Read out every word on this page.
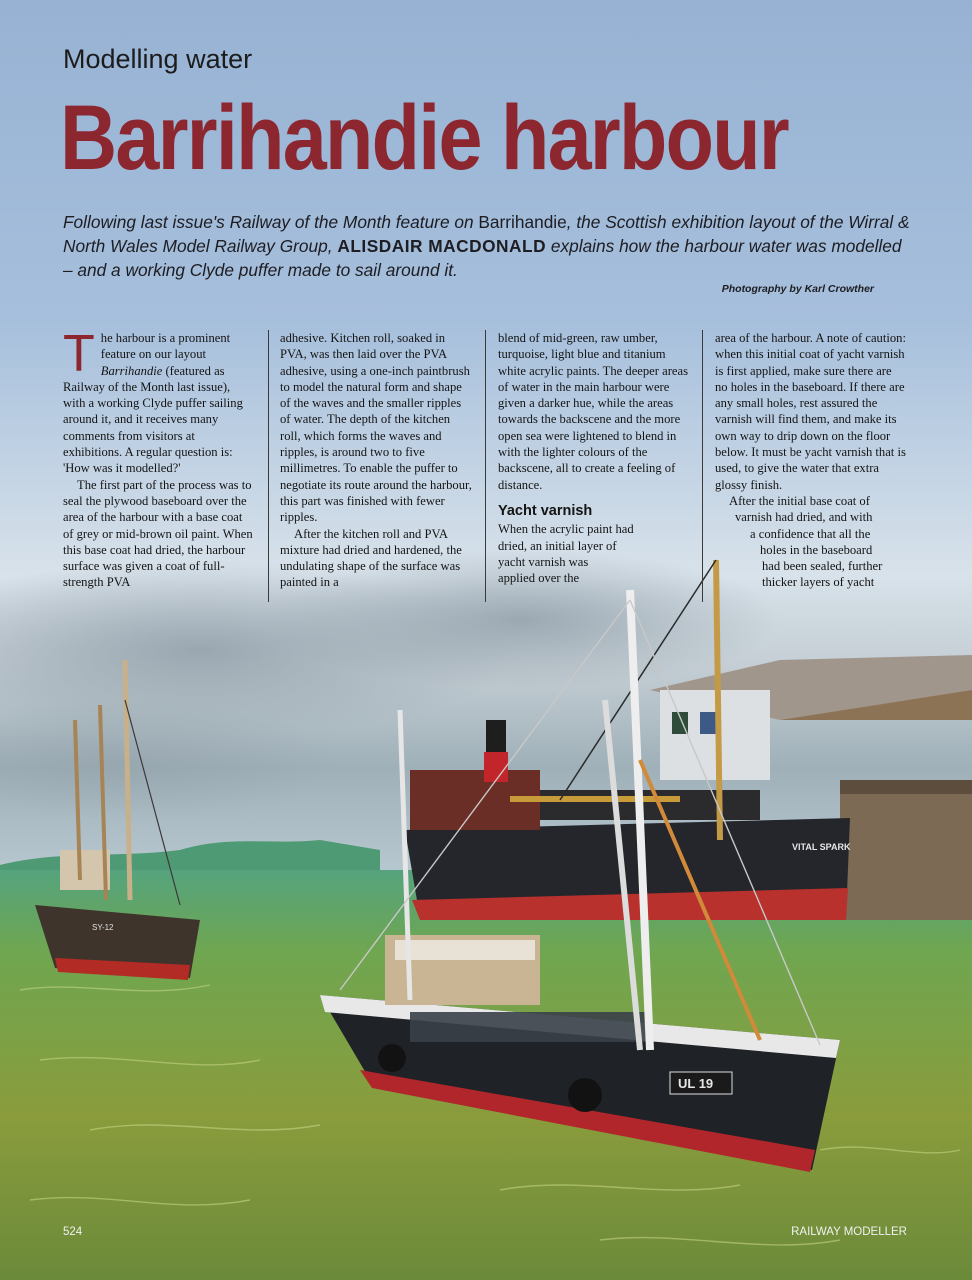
VITAL SPARK
SY-12
UL 19
Modelling water
Barrihandie harbour
Following last issue's Railway of the Month feature on Barrihandie, the Scottish exhibition layout of the Wirral & North Wales Model Railway Group, ALISDAIR MACDONALD explains how the harbour water was modelled – and a working Clyde puffer made to sail around it.
Photography by Karl Crowther

The harbour is a prominent feature on our layout Barrihandie (featured as Railway of the Month last issue), with a working Clyde puffer sailing around it, and it receives many comments from visitors at exhibitions. A regular question is: 'How was it modelled?'

The first part of the process was to seal the plywood baseboard over the area of the harbour with a base coat of grey or mid-brown oil paint. When this base coat had dried, the harbour surface was given a coat of full-strength PVA

adhesive. Kitchen roll, soaked in PVA, was then laid over the PVA adhesive, using a one-inch paintbrush to model the natural form and shape of the waves and the smaller ripples of water. The depth of the kitchen roll, which forms the waves and ripples, is around two to five millimetres. To enable the puffer to negotiate its route around the harbour, this part was finished with fewer ripples.

After the kitchen roll and PVA mixture had dried and hardened, the undulating shape of the surface was painted in a

blend of mid-green, raw umber, turquoise, light blue and titanium white acrylic paints. The deeper areas of water in the main harbour were given a darker hue, while the areas towards the backscene and the more open sea were lightened to blend in with the lighter colours of the backscene, all to create a feeling of distance.

Yacht varnish
When the acrylic paint had
dried, an initial layer of
yacht varnish was
applied over the

area of the harbour. A note of caution: when this initial coat of yacht varnish is first applied, make sure there are no holes in the baseboard. If there are any small holes, rest assured the varnish will find them, and make its own way to drip down on the floor below. It must be yacht varnish that is used, to give the water that extra glossy finish.

After the initial base coat of
varnish had dried, and with
a confidence that all the
holes in the baseboard
had been sealed, further
thicker layers of yacht
524	RAILWAY MODELLER
